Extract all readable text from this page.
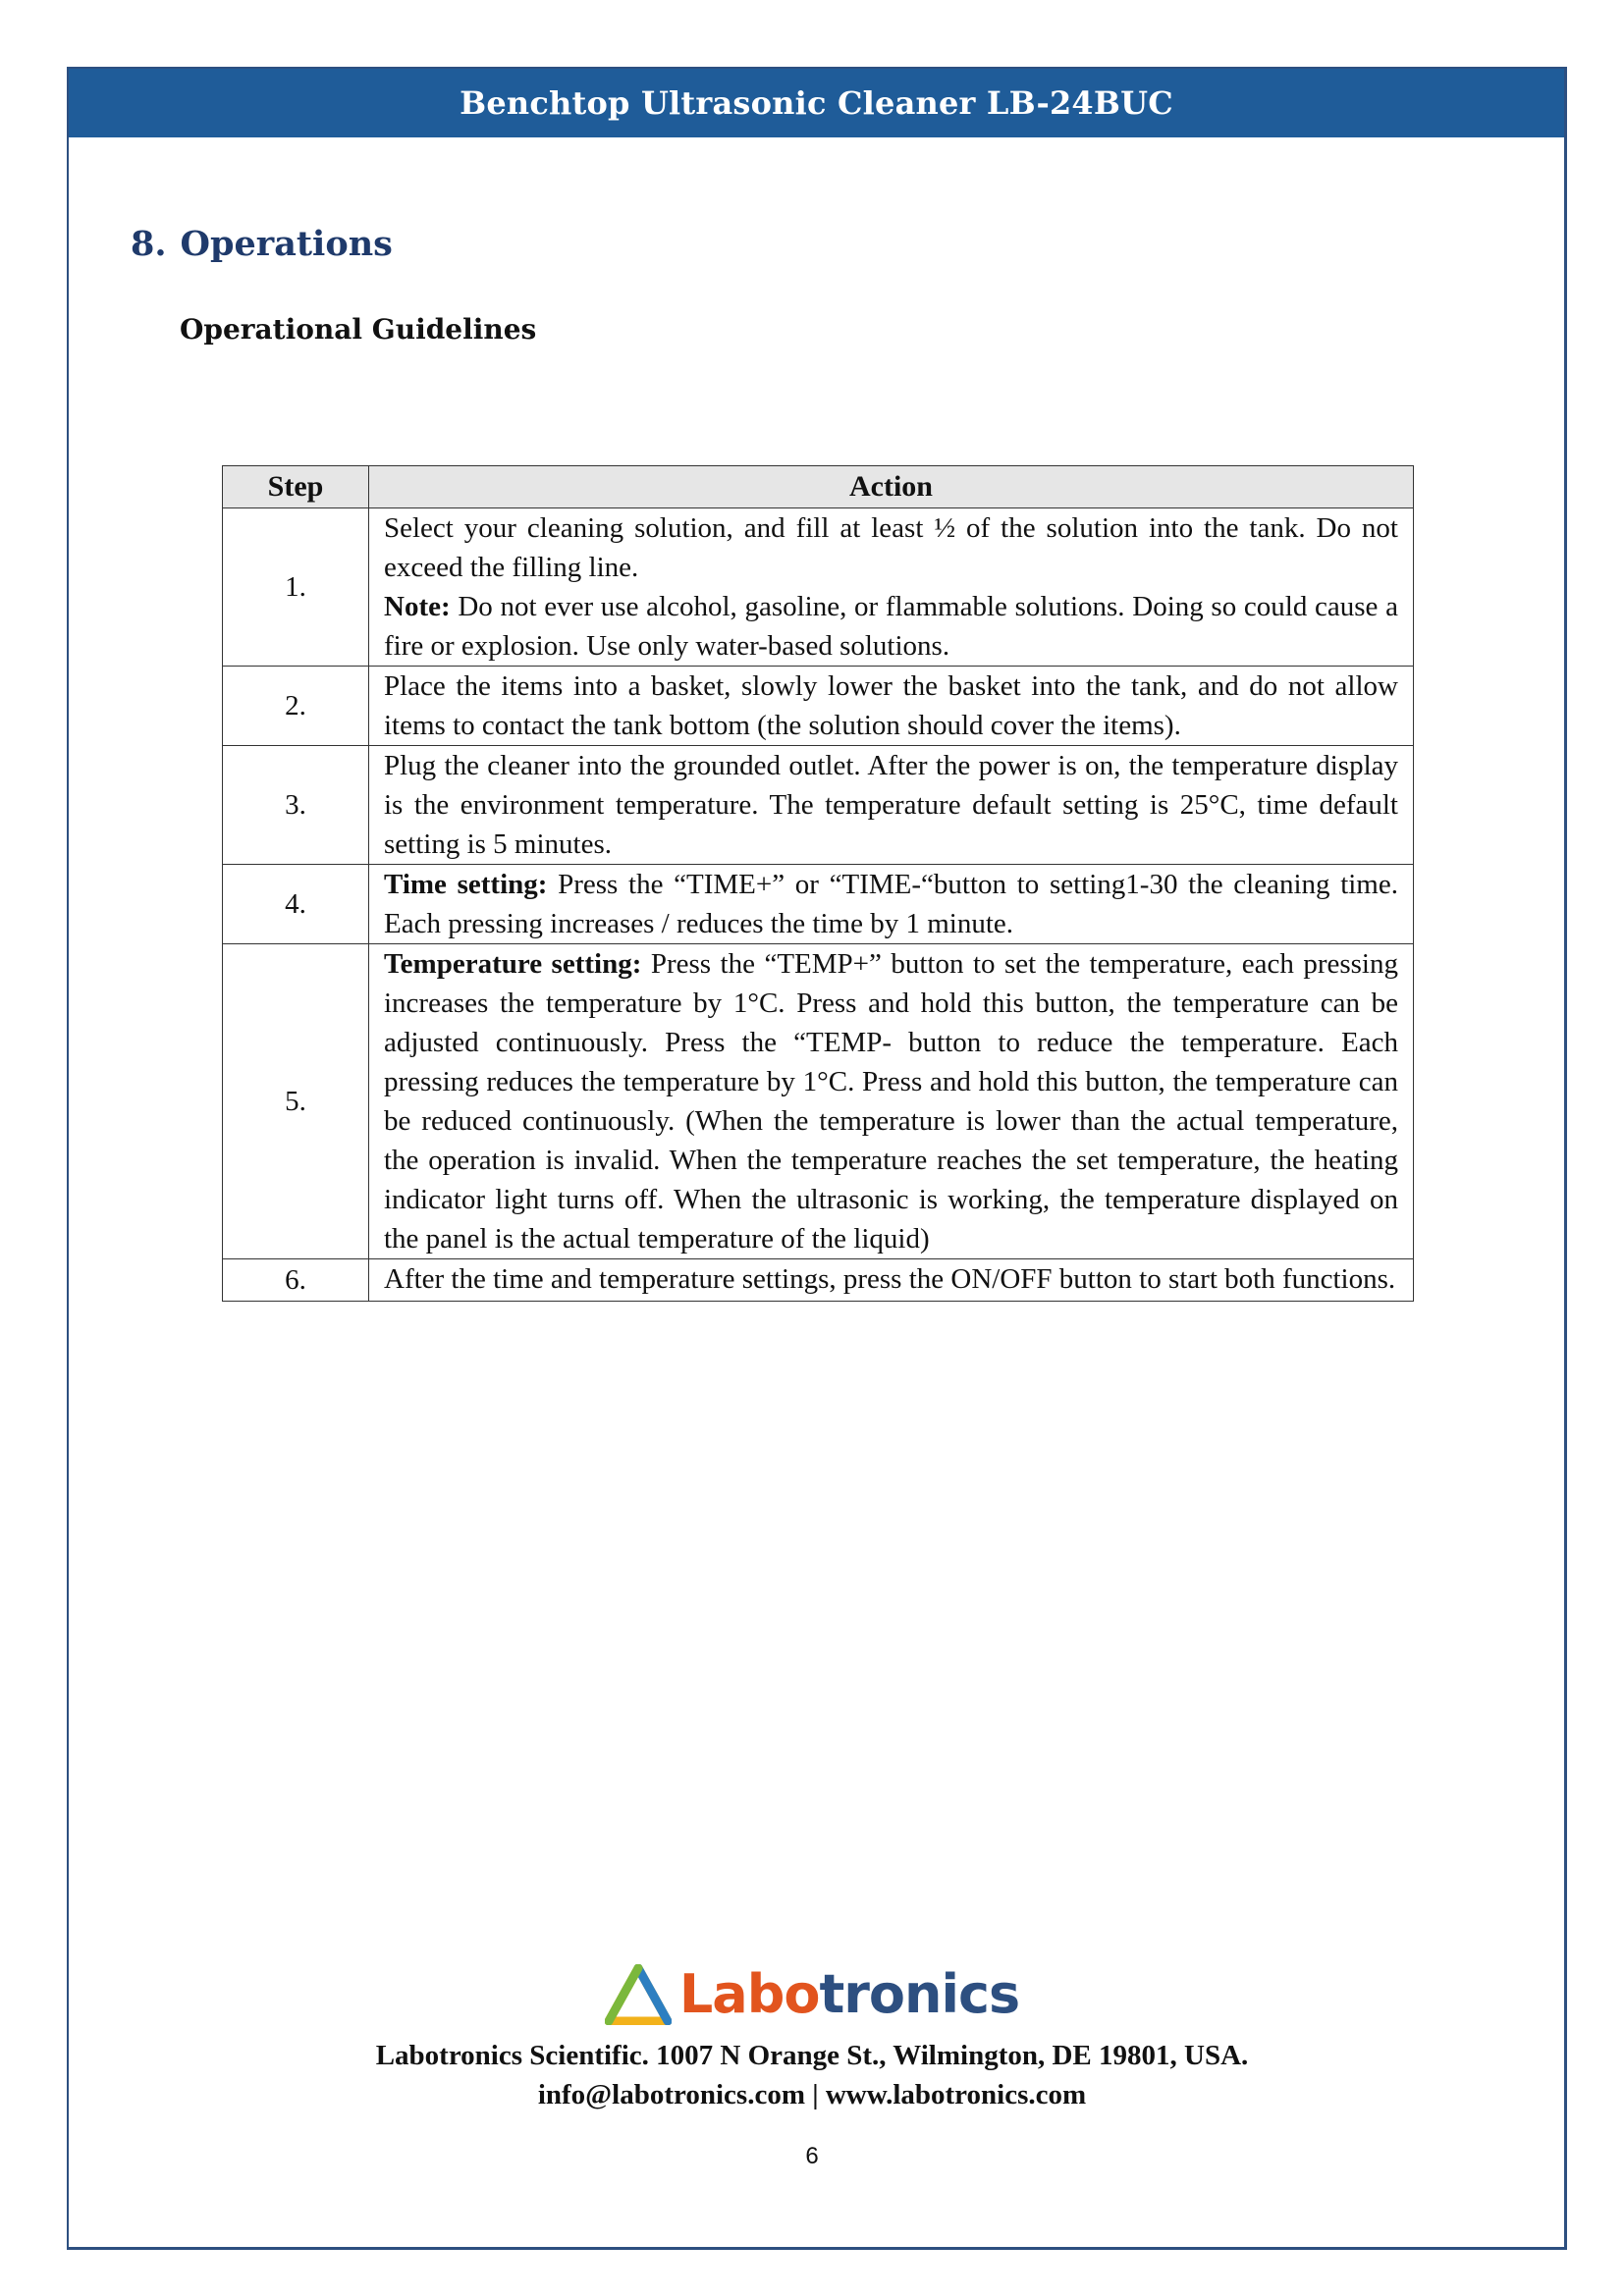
Benchtop Ultrasonic Cleaner LB-24BUC
8. Operations
Operational Guidelines
Step	Action
1.	Select your cleaning solution, and fill at least ½ of the solution into the tank. Do not exceed the filling line.

Note: Do not ever use alcohol, gasoline, or flammable solutions. Doing so could cause a fire or explosion. Use only water-based solutions.

2.	Place the items into a basket, slowly lower the basket into the tank, and do not allow items to contact the tank bottom (the solution should cover the items).

3.	Plug the cleaner into the grounded outlet. After the power is on, the temperature display is the environment temperature. The temperature default setting is 25°C, time default setting is 5 minutes.

4.	Time setting: Press the “TIME+” or “TIME-“button to setting1-30 the cleaning time. Each pressing increases / reduces the time by 1 minute.

5.	Temperature setting: Press the “TEMP+” button to set the temperature, each pressing increases the temperature by 1°C. Press and hold this button, the temperature can be adjusted continuously. Press the “TEMP- button to reduce the temperature. Each pressing reduces the temperature by 1°C. Press and hold this button, the temperature can be reduced continuously. (When the temperature is lower than the actual temperature, the operation is invalid. When the temperature reaches the set temperature, the heating indicator light turns off. When the ultrasonic is working, the temperature displayed on the panel is the actual temperature of the liquid)

6.	After the time and temperature settings, press the ON/OFF button to start both functions.

Labotronics
Labotronics Scientific. 1007 N Orange St., Wilmington, DE 19801, USA.
info@labotronics.com | www.labotronics.com
6
